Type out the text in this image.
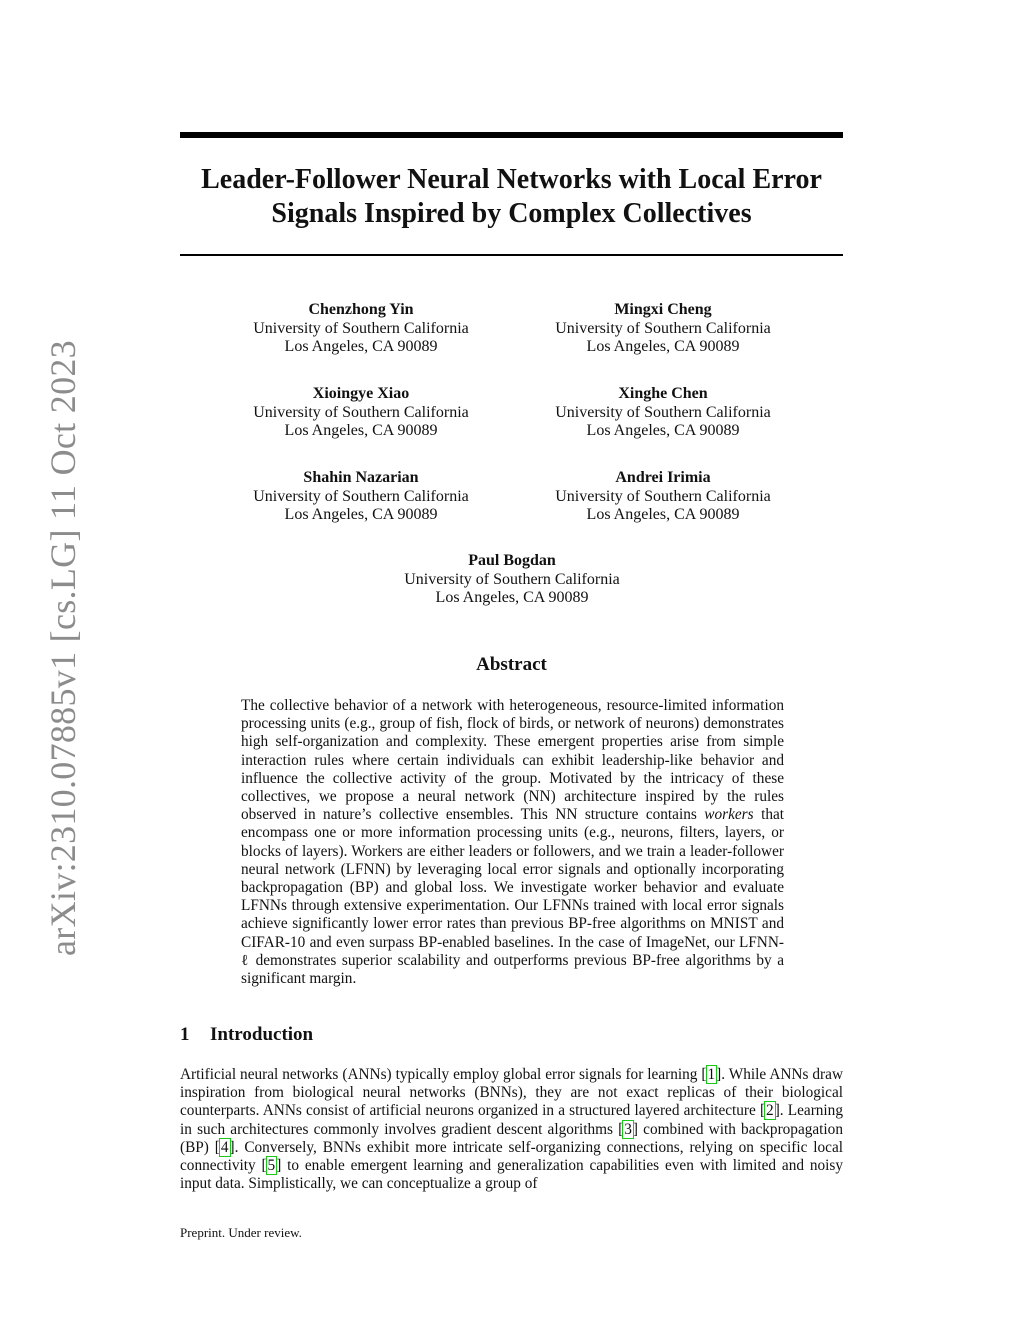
arXiv:2310.07885v1 [cs.LG] 11 Oct 2023
Leader-Follower Neural Networks with Local Error
Signals Inspired by Complex Collectives
Chenzhong Yin
University of Southern California
Los Angeles, CA 90089
Mingxi Cheng
University of Southern California
Los Angeles, CA 90089
Xioingye Xiao
University of Southern California
Los Angeles, CA 90089
Xinghe Chen
University of Southern California
Los Angeles, CA 90089
Shahin Nazarian
University of Southern California
Los Angeles, CA 90089
Andrei Irimia
University of Southern California
Los Angeles, CA 90089
Paul Bogdan
University of Southern California
Los Angeles, CA 90089
Abstract

The collective behavior of a network with heterogeneous, resource-limited information processing units (e.g., group of fish, flock of birds, or network of neurons) demonstrates high self-organization and complexity. These emergent properties arise from simple interaction rules where certain individuals can exhibit leadership-like behavior and influence the collective activity of the group. Motivated by the intricacy of these collectives, we propose a neural network (NN) architecture inspired by the rules observed in nature’s collective ensembles. This NN structure contains workers that encompass one or more information processing units (e.g., neurons, filters, layers, or blocks of layers). Workers are either leaders or followers, and we train a leader-follower neural network (LFNN) by leveraging local error signals and optionally incorporating backpropagation (BP) and global loss. We investigate worker behavior and evaluate LFNNs through extensive experimentation. Our LFNNs trained with local error signals achieve significantly lower error rates than previous BP-free algorithms on MNIST and CIFAR-10 and even surpass BP-enabled baselines. In the case of ImageNet, our LFNN-ℓ demonstrates superior scalability and outperforms previous BP-free algorithms by a significant margin.

1 Introduction

Artificial neural networks (ANNs) typically employ global error signals for learning [1]. While ANNs draw inspiration from biological neural networks (BNNs), they are not exact replicas of their biological counterparts. ANNs consist of artificial neurons organized in a structured layered architecture [2]. Learning in such architectures commonly involves gradient descent algorithms [3] combined with backpropagation (BP) [4]. Conversely, BNNs exhibit more intricate self-organizing connections, relying on specific local connectivity [5] to enable emergent learning and generalization capabilities even with limited and noisy input data. Simplistically, we can conceptualize a group of

Preprint. Under review.
